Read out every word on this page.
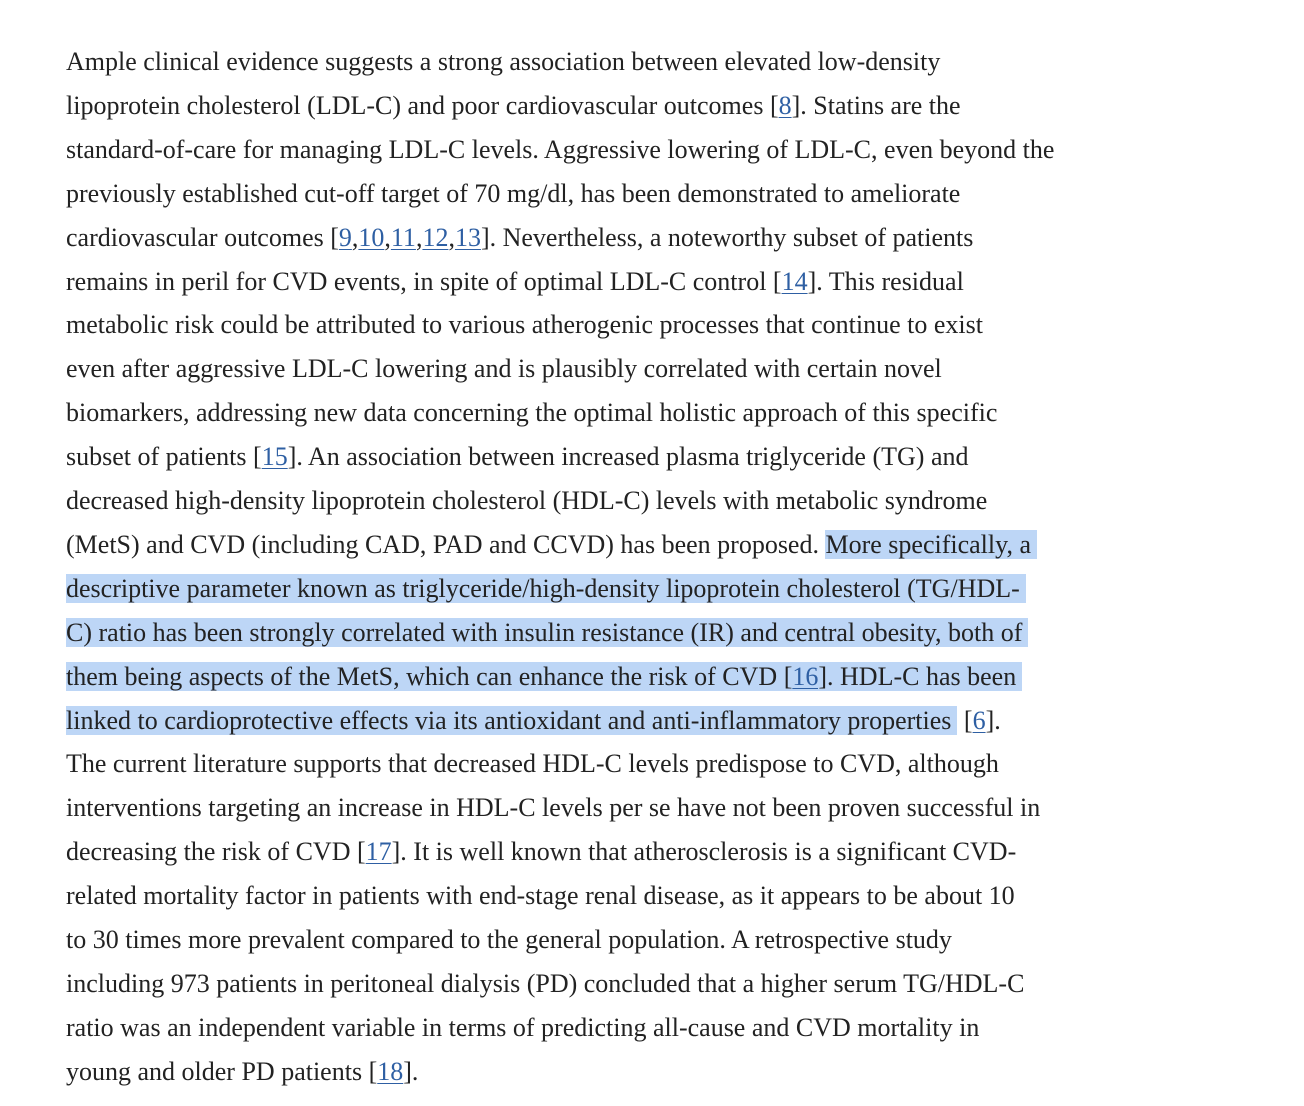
Ample clinical evidence suggests a strong association between elevated low-density
lipoprotein cholesterol (LDL-C) and poor cardiovascular outcomes [8]. Statins are the
standard-of-care for managing LDL-C levels. Aggressive lowering of LDL-C, even beyond the
previously established cut-off target of 70 mg/dl, has been demonstrated to ameliorate
cardiovascular outcomes [9,10,11,12,13]. Nevertheless, a noteworthy subset of patients
remains in peril for CVD events, in spite of optimal LDL-C control [14]. This residual
metabolic risk could be attributed to various atherogenic processes that continue to exist
even after aggressive LDL-C lowering and is plausibly correlated with certain novel
biomarkers, addressing new data concerning the optimal holistic approach of this specific
subset of patients [15]. An association between increased plasma triglyceride (TG) and
decreased high-density lipoprotein cholesterol (HDL-C) levels with metabolic syndrome
(MetS) and CVD (including CAD, PAD and CCVD) has been proposed. More specifically, a
descriptive parameter known as triglyceride/high-density lipoprotein cholesterol (TG/HDL-
C) ratio has been strongly correlated with insulin resistance (IR) and central obesity, both of
them being aspects of the MetS, which can enhance the risk of CVD [16]. HDL-C has been
linked to cardioprotective effects via its antioxidant and anti-inflammatory properties [6].
The current literature supports that decreased HDL-C levels predispose to CVD, although
interventions targeting an increase in HDL-C levels per se have not been proven successful in
decreasing the risk of CVD [17]. It is well known that atherosclerosis is a significant CVD-
related mortality factor in patients with end-stage renal disease, as it appears to be about 10
to 30 times more prevalent compared to the general population. A retrospective study
including 973 patients in peritoneal dialysis (PD) concluded that a higher serum TG/HDL-C
ratio was an independent variable in terms of predicting all-cause and CVD mortality in
young and older PD patients [18].
